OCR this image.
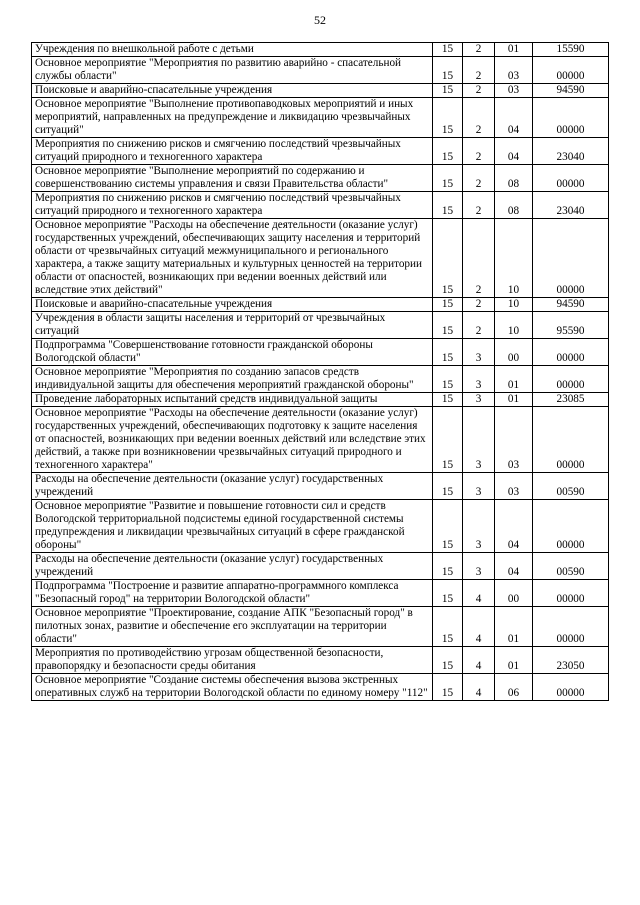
52
Учреждения по внешкольной работе с детьми	15	2	01	15590
Основное мероприятие "Мероприятия по развитию аварийно - спасательной службы области"	15	2	03	00000
Поисковые и аварийно-спасательные учреждения	15	2	03	94590
Основное мероприятие "Выполнение противопаводковых мероприятий и иных мероприятий, направленных на предупреждение и ликвидацию чрезвычайных ситуаций"	15	2	04	00000
Мероприятия по снижению рисков и смягчению последствий чрезвычайных ситуаций природного и техногенного характера	15	2	04	23040
Основное мероприятие "Выполнение мероприятий по содержанию и совершенствованию системы управления и связи Правительства области"	15	2	08	00000
Мероприятия по снижению рисков и смягчению последствий чрезвычайных ситуаций природного и техногенного характера	15	2	08	23040
Основное мероприятие "Расходы на обеспечение деятельности (оказание услуг) государственных учреждений, обеспечивающих защиту населения и территорий области от чрезвычайных ситуаций межмуниципального и регионального характера, а также защиту материальных и культурных ценностей на территории области от опасностей, возникающих при ведении военных действий или вследствие этих действий"	15	2	10	00000
Поисковые и аварийно-спасательные учреждения	15	2	10	94590
Учреждения в области защиты населения и территорий от чрезвычайных ситуаций	15	2	10	95590
Подпрограмма "Совершенствование готовности гражданской обороны Вологодской области"	15	3	00	00000
Основное мероприятие "Мероприятия по созданию запасов средств индивидуальной защиты для обеспечения мероприятий гражданской обороны"	15	3	01	00000
Проведение лабораторных испытаний средств индивидуальной защиты	15	3	01	23085
Основное мероприятие "Расходы на обеспечение деятельности (оказание услуг) государственных учреждений, обеспечивающих подготовку к защите населения от опасностей, возникающих при ведении военных действий или вследствие этих действий, а также при возникновении чрезвычайных ситуаций природного и техногенного характера"	15	3	03	00000
Расходы на обеспечение деятельности (оказание услуг) государственных учреждений	15	3	03	00590
Основное мероприятие "Развитие и повышение готовности сил и средств Вологодской территориальной подсистемы единой государственной системы предупреждения и ликвидации чрезвычайных ситуаций в сфере гражданской обороны"	15	3	04	00000
Расходы на обеспечение деятельности (оказание услуг) государственных учреждений	15	3	04	00590
Подпрограмма "Построение и развитие аппаратно-программного комплекса "Безопасный город" на территории Вологодской области"	15	4	00	00000
Основное мероприятие "Проектирование, создание АПК "Безопасный город" в пилотных зонах, развитие и обеспечение его эксплуатации на территории области"	15	4	01	00000
Мероприятия по противодействию угрозам общественной безопасности, правопорядку и безопасности среды обитания	15	4	01	23050
Основное мероприятие "Создание системы обеспечения вызова экстренных оперативных служб на территории Вологодской области по единому номеру "112"	15	4	06	00000
